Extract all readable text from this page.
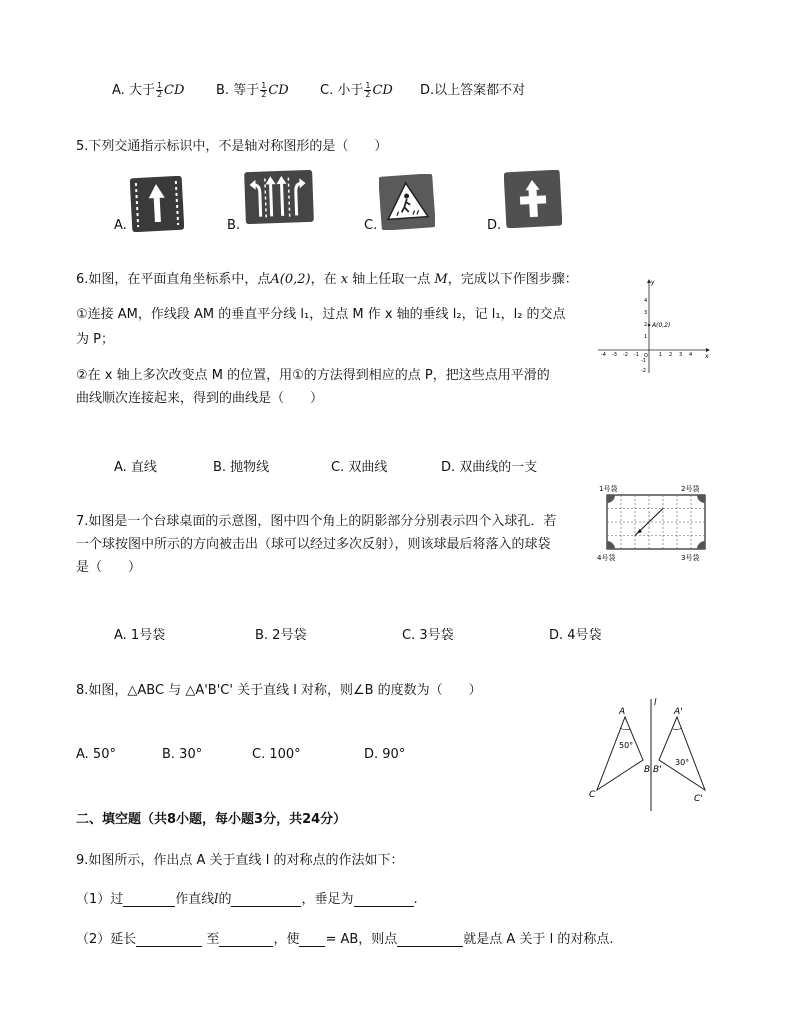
A. 大于 $\frac{1}{2}$ CD B. 等于 $\frac{1}{2}$ CD C. 小于 $\frac{1}{2}$ CD D.以上答案都不对
5.下列交通指示标识中，不是轴对称图形的是（　　）
A.	B.	C.	D.
6.如图，在平面直角坐标系中，点A(0,2)，在 x 轴上任取一点 M，完成以下作图步骤：
①连接 AM，作线段 AM 的垂直平分线 l₁，过点 M 作 x 轴的垂线 l₂，记 l₁，l₂ 的交点
为 P；
②在 x 轴上多次改变点 M 的位置，用①的方法得到相应的点 P，把这些点用平滑的
曲线顺次连接起来，得到的曲线是（　　）
A. 直线	B. 抛物线	C. 双曲线	D. 双曲线的一支
x
y
O
-4 -3 -2 -1	1 2 3 4
4
3
2
1
-1
-2
A(0,2)
7.如图是一个台球桌面的示意图，图中四个角上的阴影部分分别表示四个入球孔．若
一个球按图中所示的方向被击出（球可以经过多次反射），则该球最后将落入的球袋
是（　　）
A. 1号袋	B. 2号袋	C. 3号袋	D. 4号袋
1号袋	2号袋
3号袋
4号袋
8.如图，△ABC 与 △A'B'C' 关于直线 l 对称，则∠B 的度数为（　　）
A. 50°	B. 30°	C. 100°	D. 90°
l
A
B
C
A'
B'
C'
50°
30°
二、填空题（共8小题，每小题3分，共24分）
9.如图所示，作出点 A 关于直线 l 的对称点的作法如下：
（1）过	作直线l的	，垂足为	.
（2）延长	至	，使 = AB，则点	就是点 A 关于 l 的对称点.
